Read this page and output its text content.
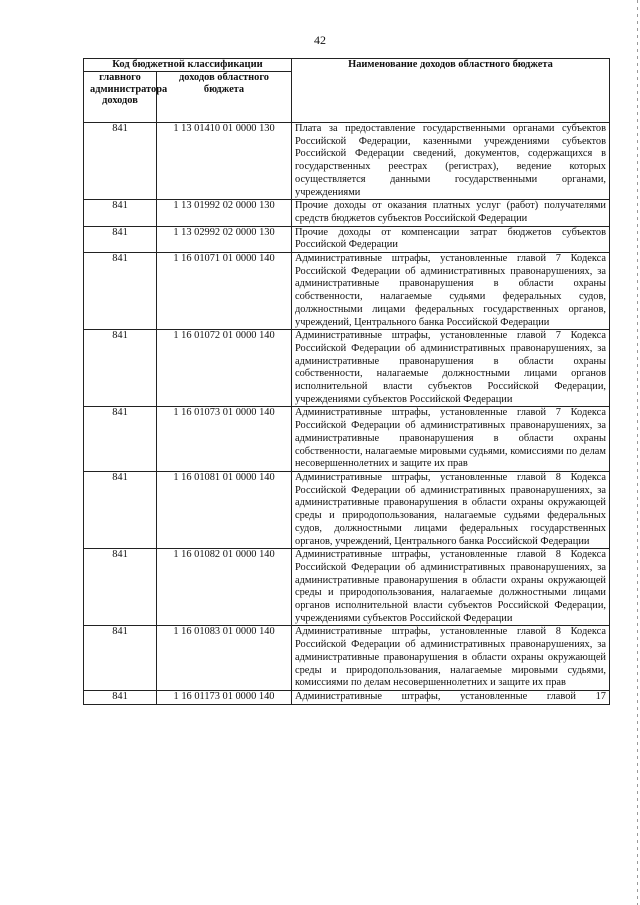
42
Код бюджетной классификации		Наименование доходов областного бюджета
главного администратора доходов	доходов областного бюджета	
841	1 13 01410 01 0000 130	Плата за предоставление государственными органами субъектов Российской Федерации, казенными учреждениями субъектов Российской Федерации сведений, документов, содержащихся в государственных реестрах (регистрах), ведение которых осуществляется данными государственными органами, учреждениями
841	1 13 01992 02 0000 130	Прочие доходы от оказания платных услуг (работ) получателями средств бюджетов субъектов Российской Федерации
841	1 13 02992 02 0000 130	Прочие доходы от компенсации затрат бюджетов субъектов Российской Федерации
841	1 16 01071 01 0000 140	Административные штрафы, установленные главой 7 Кодекса Российской Федерации об административных правонарушениях, за административные правонарушения в области охраны собственности, налагаемые судьями федеральных судов, должностными лицами федеральных государственных органов, учреждений, Центрального банка Российской Федерации
841	1 16 01072 01 0000 140	Административные штрафы, установленные главой 7 Кодекса Российской Федерации об административных правонарушениях, за административные правонарушения в области охраны собственности, налагаемые должностными лицами органов исполнительной власти субъектов Российской Федерации, учреждениями субъектов Российской Федерации
841	1 16 01073 01 0000 140	Административные штрафы, установленные главой 7 Кодекса Российской Федерации об административных правонарушениях, за административные правонарушения в области охраны собственности, налагаемые мировыми судьями, комиссиями по делам несовершеннолетних и защите их прав
841	1 16 01081 01 0000 140	Административные штрафы, установленные главой 8 Кодекса Российской Федерации об административных правонарушениях, за административные правонарушения в области охраны окружающей среды и природопользования, налагаемые судьями федеральных судов, должностными лицами федеральных государственных органов, учреждений, Центрального банка Российской Федерации
841	1 16 01082 01 0000 140	Административные штрафы, установленные главой 8 Кодекса Российской Федерации об административных правонарушениях, за административные правонарушения в области охраны окружающей среды и природопользования, налагаемые должностными лицами органов исполнительной власти субъектов Российской Федерации, учреждениями субъектов Российской Федерации
841	1 16 01083 01 0000 140	Административные штрафы, установленные главой 8 Кодекса Российской Федерации об административных правонарушениях, за административные правонарушения в области охраны окружающей среды и природопользования, налагаемые мировыми судьями, комиссиями по делам несовершеннолетних и защите их прав
841	1 16 01173 01 0000 140	Административные штрафы, установленные главой 17
